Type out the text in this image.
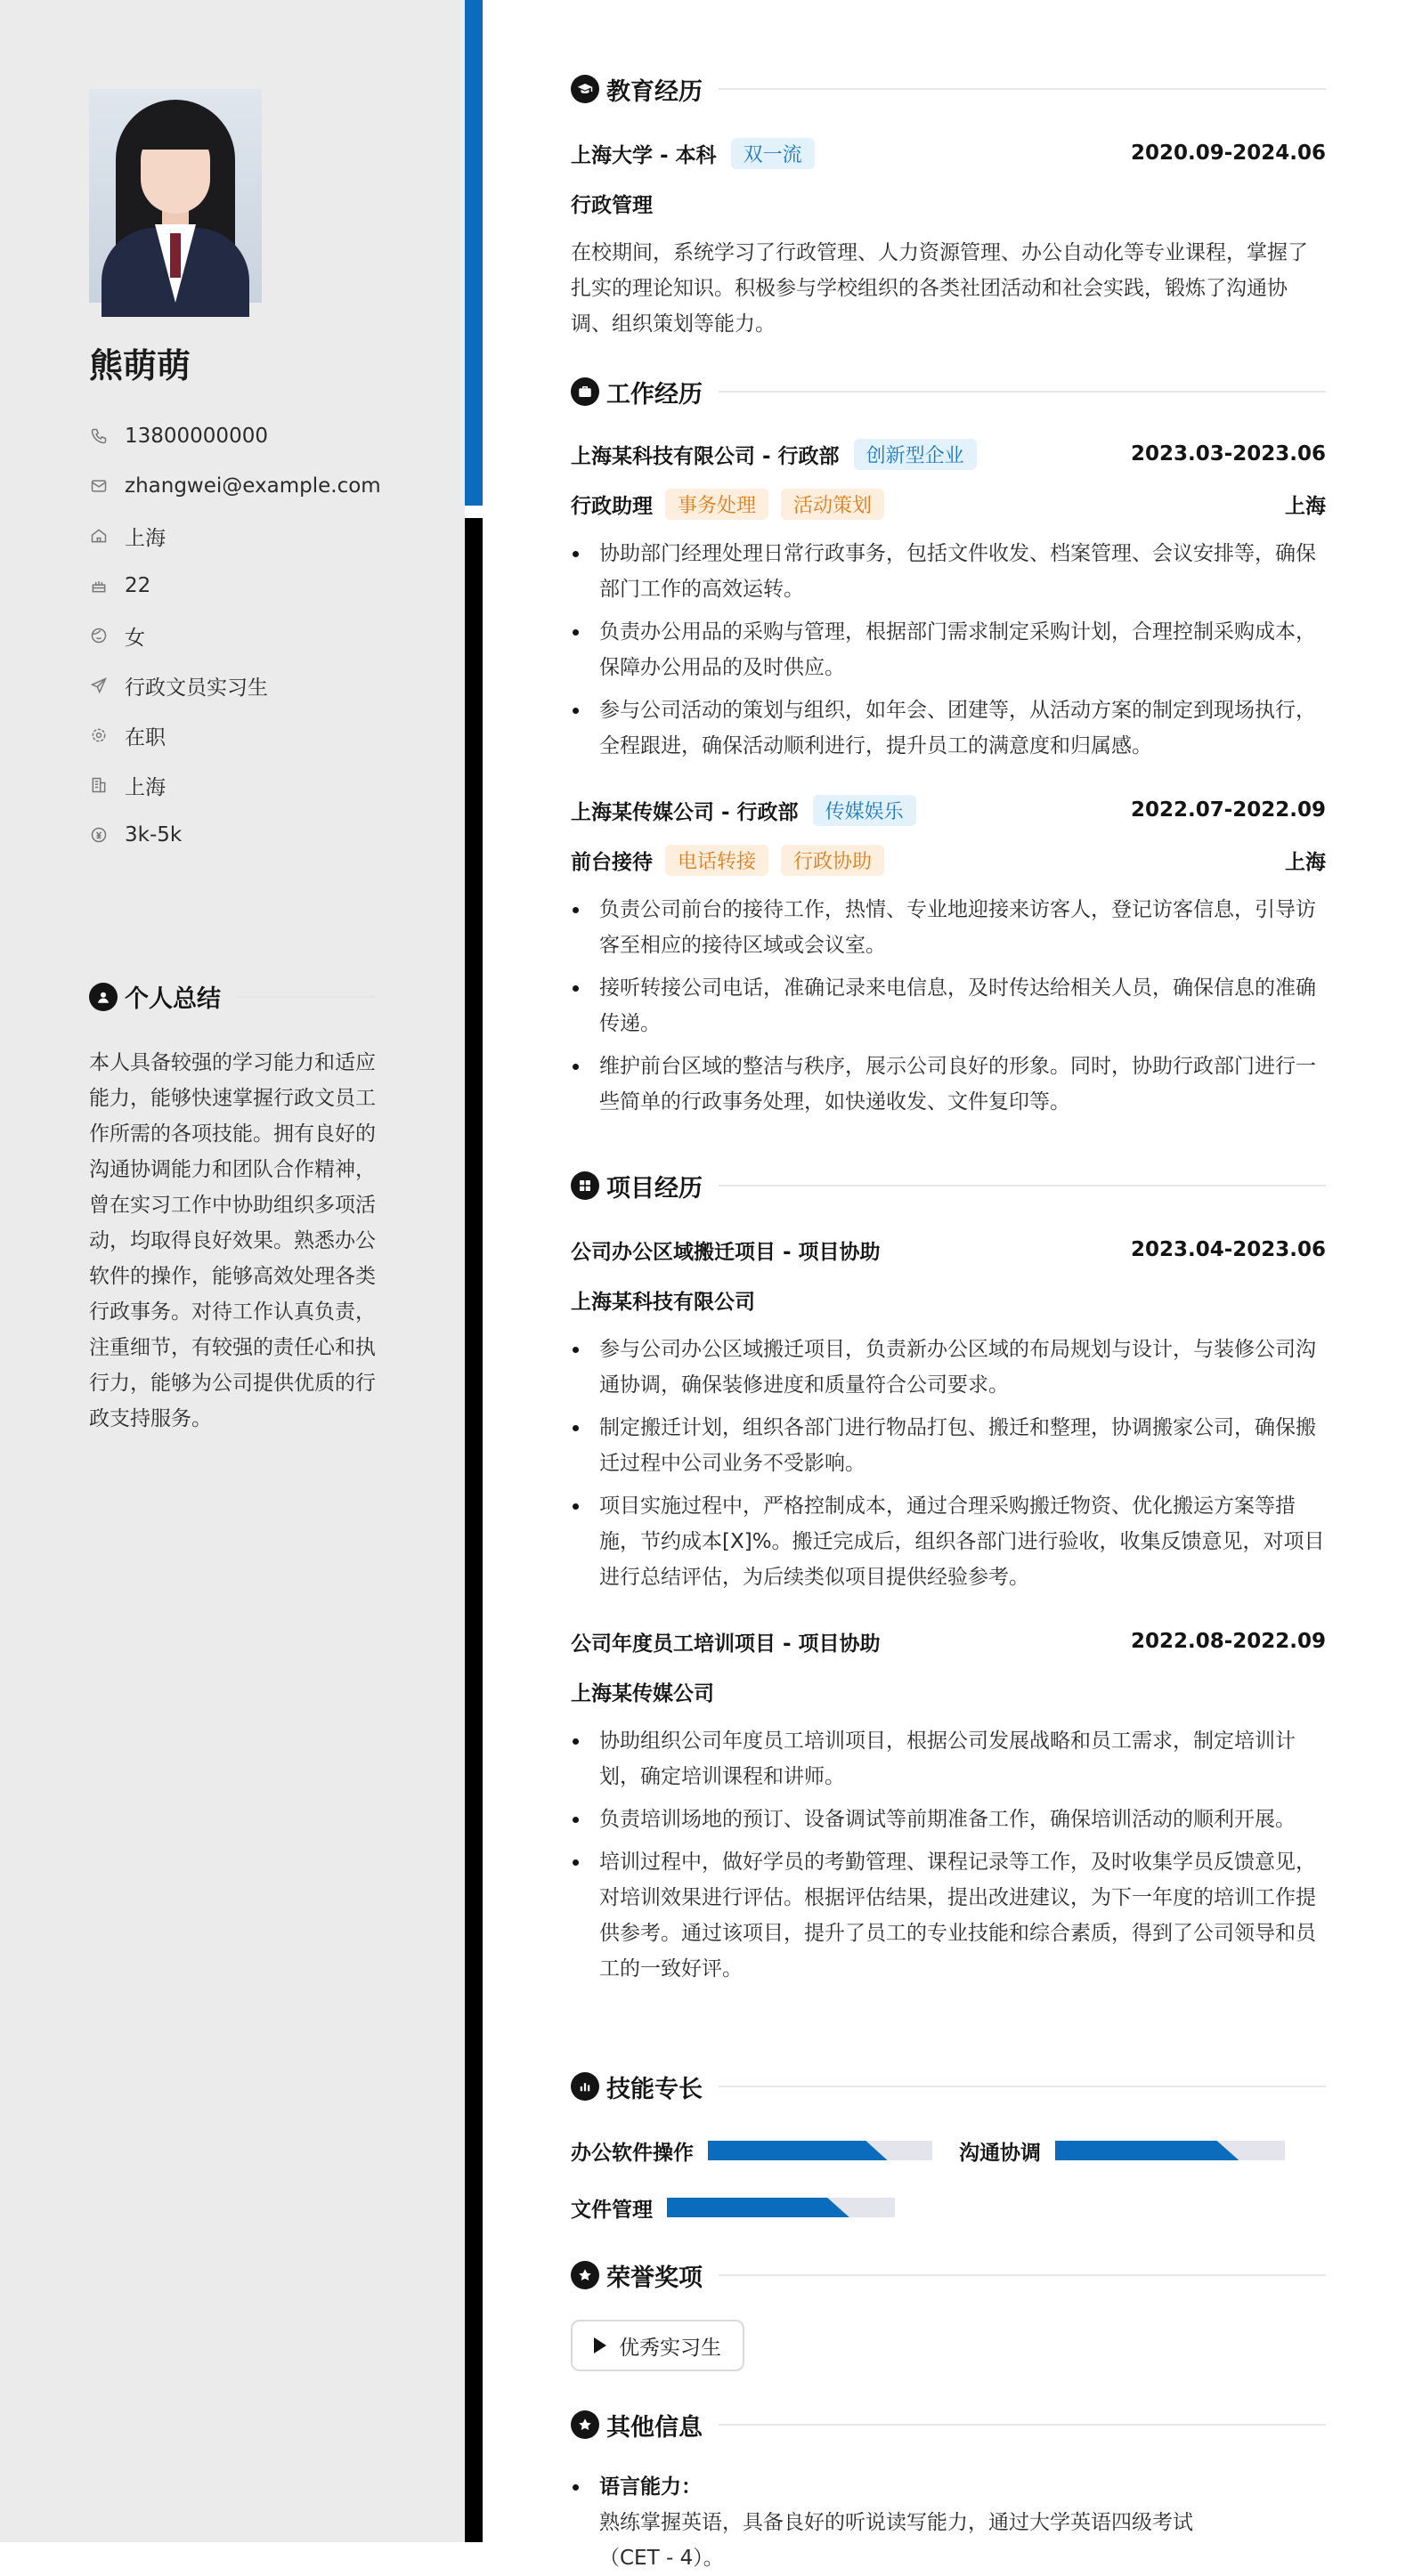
熊萌萌
13800000000
zhangwei@example.com
上海
22
女
行政文员实习生
在职
上海
3k-5k
个人总结
本人具备较强的学习能力和适应能力，能够快速掌握行政文员工作所需的各项技能。拥有良好的沟通协调能力和团队合作精神，曾在实习工作中协助组织多项活动，均取得良好效果。熟悉办公软件的操作，能够高效处理各类行政事务。对待工作认真负责，注重细节，有较强的责任心和执行力，能够为公司提供优质的行政支持服务。
教育经历
上海大学 - 本科	双一流	2020.09-2024.06
行政管理
在校期间，系统学习了行政管理、人力资源管理、办公自动化等专业课程，掌握了扎实的理论知识。积极参与学校组织的各类社团活动和社会实践，锻炼了沟通协调、组织策划等能力。
工作经历
上海某科技有限公司 - 行政部	创新型企业	2023.03-2023.06
行政助理	事务处理	活动策划	上海
协助部门经理处理日常行政事务，包括文件收发、档案管理、会议安排等，确保部门工作的高效运转。
负责办公用品的采购与管理，根据部门需求制定采购计划，合理控制采购成本，保障办公用品的及时供应。
参与公司活动的策划与组织，如年会、团建等，从活动方案的制定到现场执行，全程跟进，确保活动顺利进行，提升员工的满意度和归属感。
上海某传媒公司 - 行政部	传媒娱乐	2022.07-2022.09
前台接待	电话转接	行政协助	上海
负责公司前台的接待工作，热情、专业地迎接来访客人，登记访客信息，引导访客至相应的接待区域或会议室。
接听转接公司电话，准确记录来电信息，及时传达给相关人员，确保信息的准确传递。
维护前台区域的整洁与秩序，展示公司良好的形象。同时，协助行政部门进行一些简单的行政事务处理，如快递收发、文件复印等。
项目经历
公司办公区域搬迁项目 - 项目协助	2023.04-2023.06
上海某科技有限公司
参与公司办公区域搬迁项目，负责新办公区域的布局规划与设计，与装修公司沟通协调，确保装修进度和质量符合公司要求。
制定搬迁计划，组织各部门进行物品打包、搬迁和整理，协调搬家公司，确保搬迁过程中公司业务不受影响。
项目实施过程中，严格控制成本，通过合理采购搬迁物资、优化搬运方案等措施，节约成本[X]%。搬迁完成后，组织各部门进行验收，收集反馈意见，对项目进行总结评估，为后续类似项目提供经验参考。
公司年度员工培训项目 - 项目协助	2022.08-2022.09
上海某传媒公司
协助组织公司年度员工培训项目，根据公司发展战略和员工需求，制定培训计划，确定培训课程和讲师。
负责培训场地的预订、设备调试等前期准备工作，确保培训活动的顺利开展。
培训过程中，做好学员的考勤管理、课程记录等工作，及时收集学员反馈意见，对培训效果进行评估。根据评估结果，提出改进建议，为下一年度的培训工作提供参考。通过该项目，提升了员工的专业技能和综合素质，得到了公司领导和员工的一致好评。
技能专长
办公软件操作	沟通协调
文件管理
荣誉奖项
优秀实习生
其他信息
语言能力：熟练掌握英语，具备良好的听说读写能力，通过大学英语四级考试（CET - 4）。
